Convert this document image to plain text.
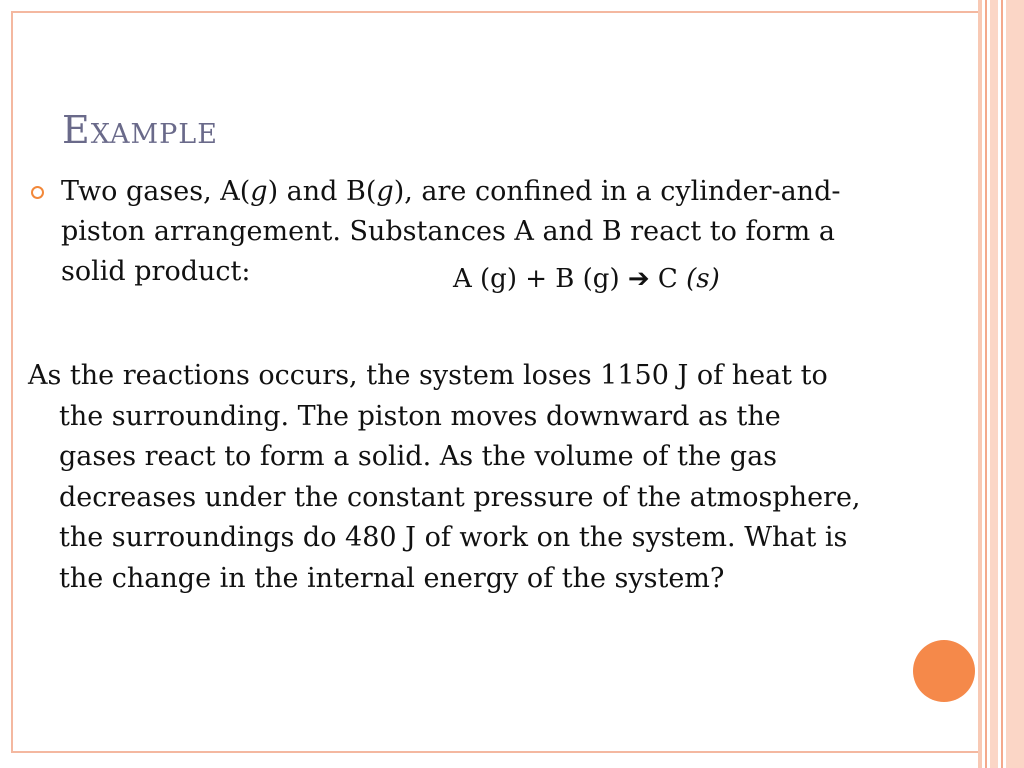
Example

Two gases, A(g) and B(g), are confined in a cylinder-and-

piston arrangement. Substances A and B react to form a

solid product:	A (g) + B (g) ➔ C (s)

As the reactions occurs, the system loses 1150 J of heat to

the surrounding. The piston moves downward as the

gases react to form a solid. As the volume of the gas

decreases under the constant pressure of the atmosphere,

the surroundings do 480 J of work on the system. What is

the change in the internal energy of the system?
